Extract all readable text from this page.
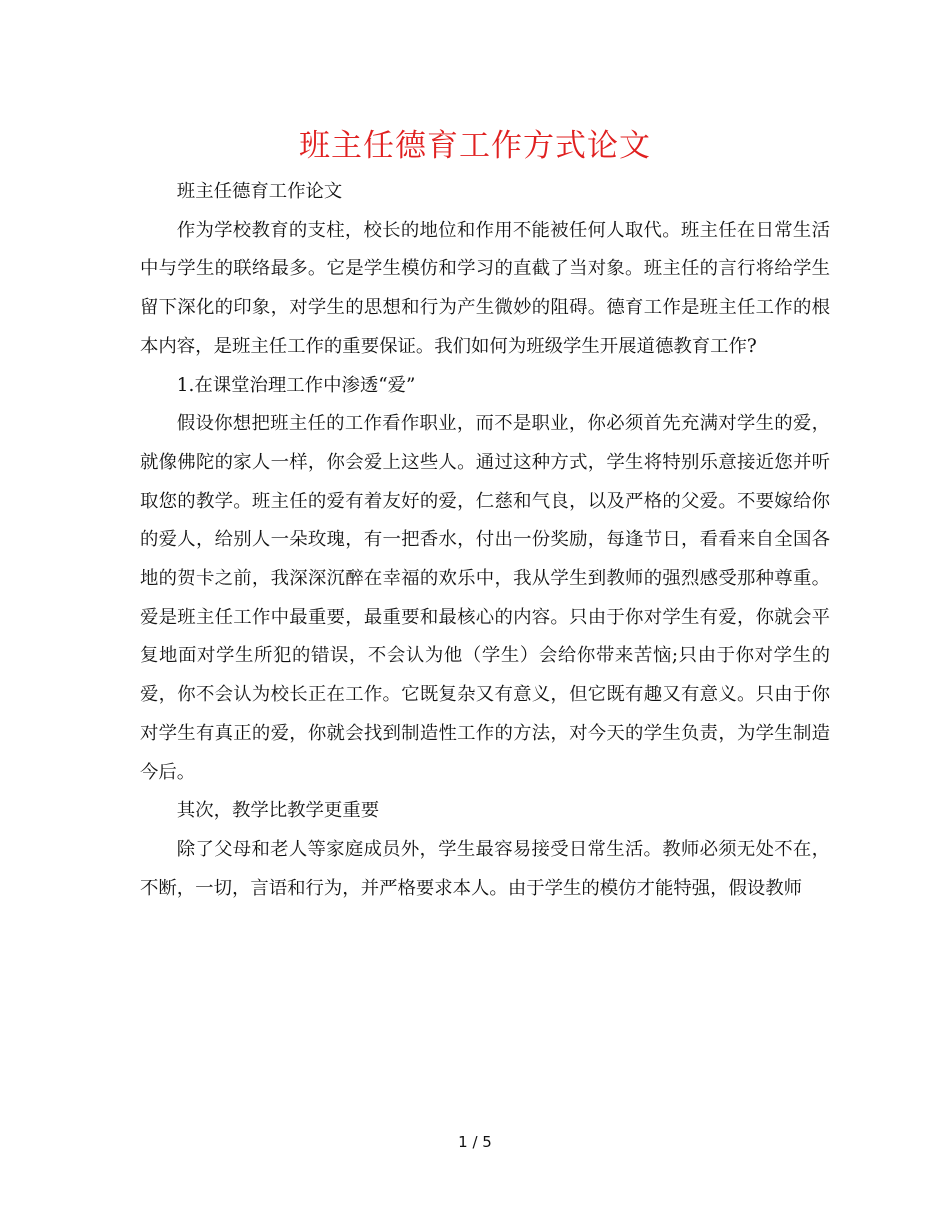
班主任德育工作方式论文

班主任德育工作论文

作为学校教育的支柱，校长的地位和作用不能被任何人取代。班主任在日常生活中与学生的联络最多。它是学生模仿和学习的直截了当对象。班主任的言行将给学生留下深化的印象，对学生的思想和行为产生微妙的阻碍。德育工作是班主任工作的根本内容，是班主任工作的重要保证。我们如何为班级学生开展道德教育工作?

1.在课堂治理工作中渗透“爱”

假设你想把班主任的工作看作职业，而不是职业，你必须首先充满对学生的爱，就像佛陀的家人一样，你会爱上这些人。通过这种方式，学生将特别乐意接近您并听取您的教学。班主任的爱有着友好的爱，仁慈和气良，以及严格的父爱。不要嫁给你的爱人，给别人一朵玫瑰，有一把香水，付出一份奖励，每逢节日，看看来自全国各地的贺卡之前，我深深沉醉在幸福的欢乐中，我从学生到教师的强烈感受那种尊重。爱是班主任工作中最重要，最重要和最核心的内容。只由于你对学生有爱，你就会平复地面对学生所犯的错误，不会认为他（学生）会给你带来苦恼;只由于你对学生的爱，你不会认为校长正在工作。它既复杂又有意义，但它既有趣又有意义。只由于你对学生有真正的爱，你就会找到制造性工作的方法，对今天的学生负责，为学生制造今后。

其次，教学比教学更重要

除了父母和老人等家庭成员外，学生最容易接受日常生活。教师必须无处不在，不断，一切，言语和行为，并严格要求本人。由于学生的模仿才能特强，假设教师

1 / 5
